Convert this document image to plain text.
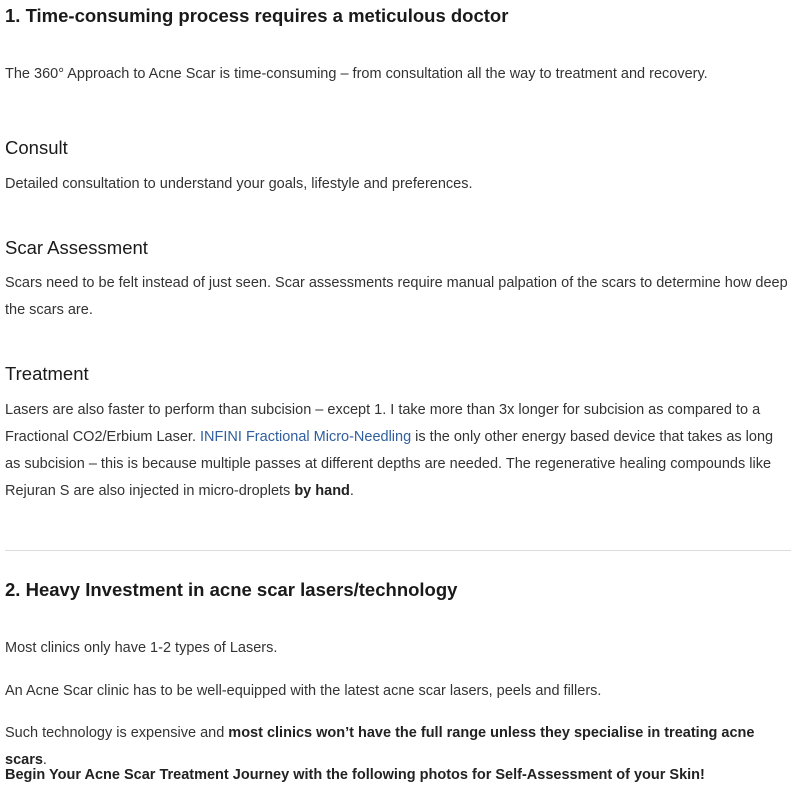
1. Time-consuming process requires a meticulous doctor

The 360° Approach to Acne Scar is time-consuming – from consultation all the way to treatment and recovery.

Consult

Detailed consultation to understand your goals, lifestyle and preferences.

Scar Assessment

Scars need to be felt instead of just seen. Scar assessments require manual palpation of the scars to determine how deep the scars are.

Treatment

Lasers are also faster to perform than subcision – except 1. I take more than 3x longer for subcision as compared to a Fractional CO2/Erbium Laser. INFINI Fractional Micro-Needling is the only other energy based device that takes as long as subcision – this is because multiple passes at different depths are needed. The regenerative healing compounds like Rejuran S are also injected in micro-droplets by hand.

2. Heavy Investment in acne scar lasers/technology

Most clinics only have 1-2 types of Lasers.

An Acne Scar clinic has to be well-equipped with the latest acne scar lasers, peels and fillers.

Such technology is expensive and most clinics won’t have the full range unless they specialise in treating acne scars.

Begin Your Acne Scar Treatment Journey with the following photos for Self-Assessment of your Skin!
